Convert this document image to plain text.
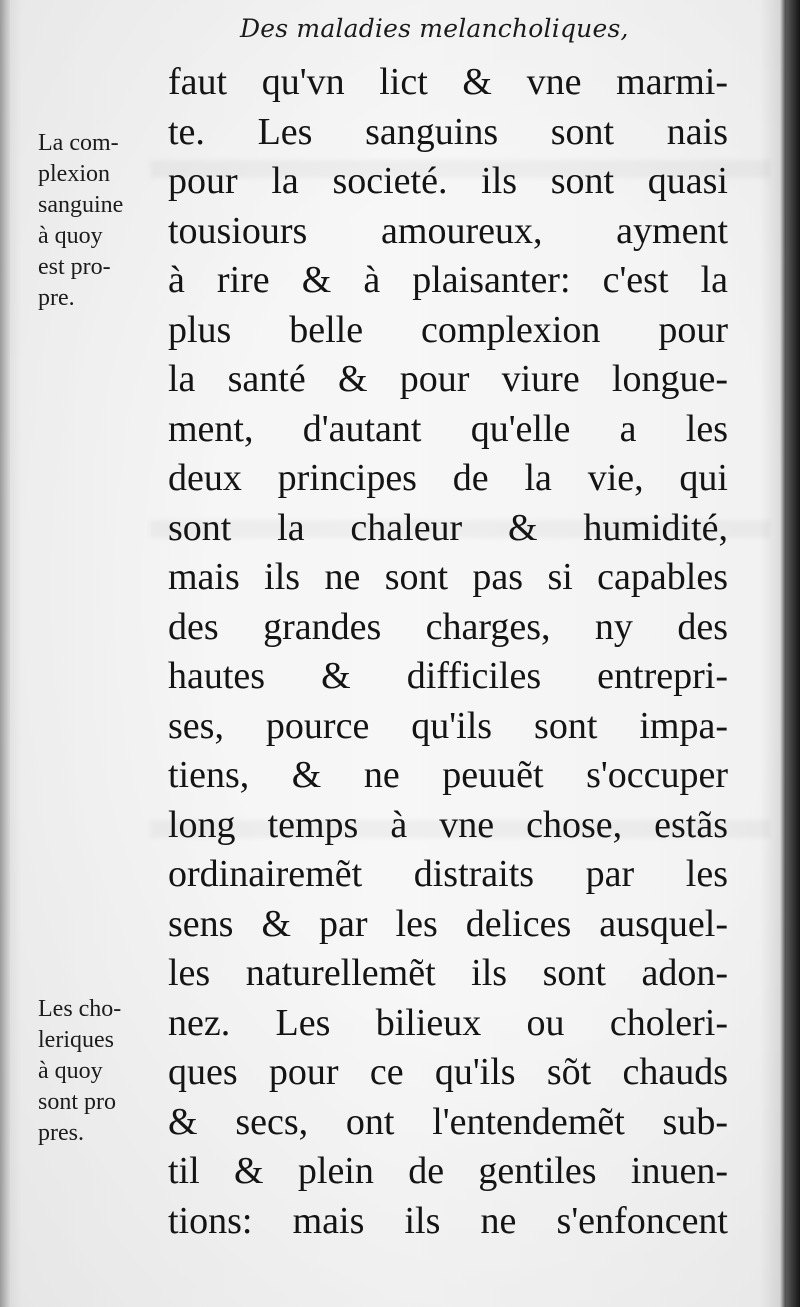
Des maladies melancholiques,
La com-
plexion
sanguine
à quoy
est pro-
pre.
Les cho-
leriques
à quoy
sont pro
pres.
faut qu'vn lict & vne marmi-
te. Les sanguins sont nais
pour la societé. ils sont quasi
tousiours amoureux, ayment
à rire & à plaisanter: c'est la
plus belle complexion pour
la santé & pour viure longue-
ment, d'autant qu'elle a les
deux principes de la vie, qui
sont la chaleur & humidité,
mais ils ne sont pas si capables
des grandes charges, ny des
hautes & difficiles entrepri-
ses, pource qu'ils sont impa-
tiens, & ne peuuẽt s'occuper
long temps à vne chose, estãs
ordinairemẽt distraits par les
sens & par les delices ausquel-
les naturellemẽt ils sont adon-
nez. Les bilieux ou choleri-
ques pour ce qu'ils sõt chauds
& secs, ont l'entendemẽt sub-
til & plein de gentiles inuen-
tions: mais ils ne s'enfoncent
